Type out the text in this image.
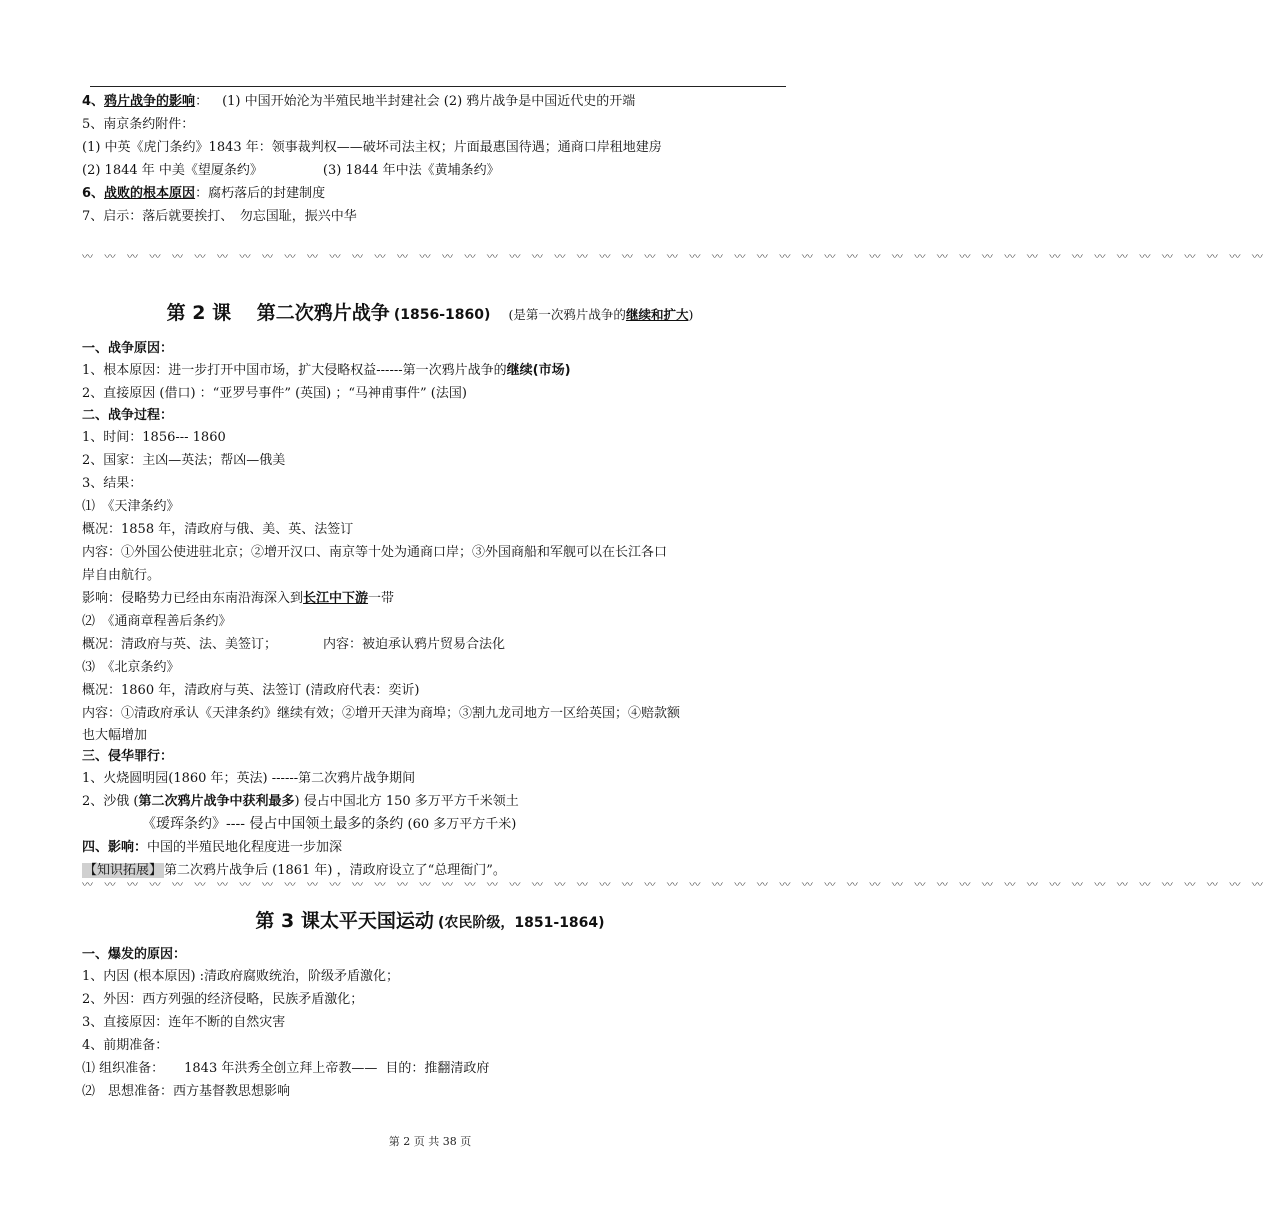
4、鸦片战争的影响： (1) 中国开始沦为半殖民地半封建社会 (2) 鸦片战争是中国近代史的开端
5、南京条约附件：
(1) 中英《虎门条约》1843 年：领事裁判权——破坏司法主权；片面最惠国待遇；通商口岸租地建房
(2) 1844 年 中美《望厦条约》	(3) 1844 年中法《黄埔条约》
6、战败的根本原因：腐朽落后的封建制度
7、启示：落后就要挨打、　勿忘国耻，振兴中华
〰 〰 〰 〰 〰 〰 〰 〰 〰 〰 〰 〰 〰 〰 〰 〰 〰 〰 〰 〰 〰 〰 〰 〰 〰 〰 〰 〰 〰 〰 〰 〰 〰 〰 〰 〰 〰 〰 〰 〰 〰 〰 〰 〰 〰 〰 〰 〰 〰 〰 〰 〰 〰
第 2 课　 第二次鸦片战争 (1856-1860) (是第一次鸦片战争的继续和扩大)
一、战争原因：
1、根本原因：进一步打开中国市场，扩大侵略权益------第一次鸦片战争的继续(市场)
2、直接原因 (借口) ：“亚罗号事件” (英国) ；“马神甫事件” (法国)
二、战争过程：
1、时间：1856--- 1860
2、国家：主凶—英法；帮凶—俄美
3、结果：
⑴　《天津条约》
概况：1858 年，清政府与俄、美、英、法签订
内容：①外国公使进驻北京；②增开汉口、南京等十处为通商口岸；③外国商船和军舰可以在长江各口
岸自由航行。
影响：侵略势力已经由东南沿海深入到长江中下游一带
⑵　《通商章程善后条约》
概况：清政府与英、法、美签订；	内容：被迫承认鸦片贸易合法化
⑶　《北京条约》
概况：1860 年，清政府与英、法签订 (清政府代表：奕䜣)
内容：①清政府承认《天津条约》继续有效；②增开天津为商埠；③割九龙司地方一区给英国；④赔款额
也大幅增加
三、侵华罪行：
1、火烧圆明园(1860 年；英法) ------第二次鸦片战争期间
2、沙俄 (第二次鸦片战争中获利最多) 侵占中国北方 150 多万平方千米领土
《瑷珲条约》---- 侵占中国领土最多的条约 (60 多万平方千米)
四、影响：中国的半殖民地化程度进一步加深
【知识拓展】 第二次鸦片战争后 (1861 年) ，清政府设立了“总理衙门”。
〰 〰 〰 〰 〰 〰 〰 〰 〰 〰 〰 〰 〰 〰 〰 〰 〰 〰 〰 〰 〰 〰 〰 〰 〰 〰 〰 〰 〰 〰 〰 〰 〰 〰 〰 〰 〰 〰 〰 〰 〰 〰 〰 〰 〰 〰 〰 〰 〰 〰 〰 〰 〰
第 3 课太平天国运动 (农民阶级，1851-1864)
一、爆发的原因：
1、内因 (根本原因) :清政府腐败统治，阶级矛盾激化；
2、外因：西方列强的经济侵略，民族矛盾激化；
3、直接原因：连年不断的自然灾害
4、前期准备：
⑴ 组织准备： 1843 年洪秀全创立拜上帝教—— 目的：推翻清政府
⑵　思想准备：西方基督教思想影响
第 2 页 共 38 页
